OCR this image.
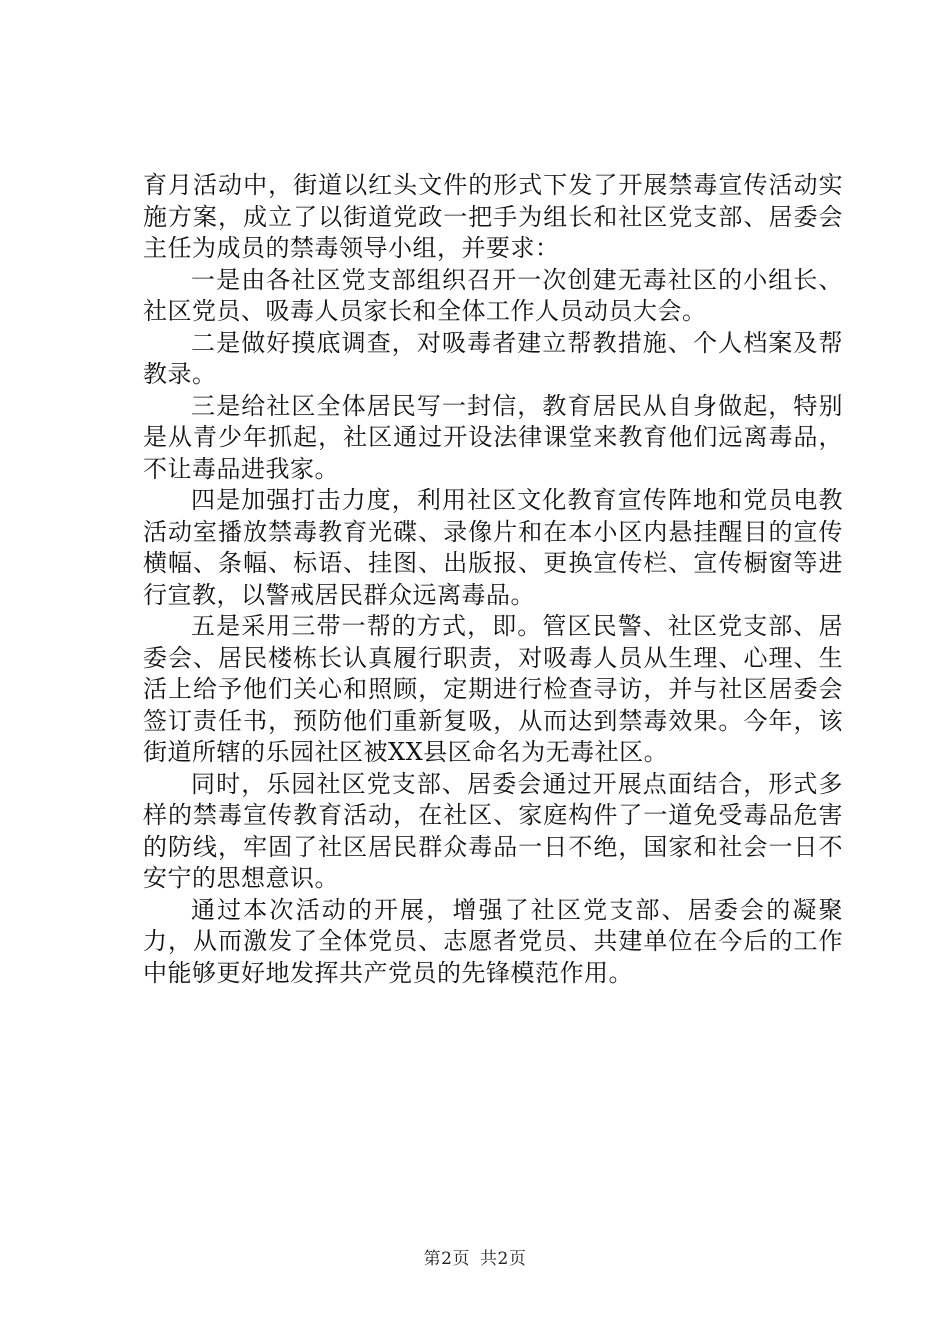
育月活动中，街道以红头文件的形式下发了开展禁毒宣传活动实施方案，成立了以街道党政一把手为组长和社区党支部、居委会主任为成员的禁毒领导小组，并要求：

一是由各社区党支部组织召开一次创建无毒社区的小组长、社区党员、吸毒人员家长和全体工作人员动员大会。

二是做好摸底调查，对吸毒者建立帮教措施、个人档案及帮教录。

三是给社区全体居民写一封信，教育居民从自身做起，特别是从青少年抓起，社区通过开设法律课堂来教育他们远离毒品，不让毒品进我家。

四是加强打击力度，利用社区文化教育宣传阵地和党员电教活动室播放禁毒教育光碟、录像片和在本小区内悬挂醒目的宣传横幅、条幅、标语、挂图、出版报、更换宣传栏、宣传橱窗等进行宣教，以警戒居民群众远离毒品。

五是采用三带一帮的方式，即。管区民警、社区党支部、居委会、居民楼栋长认真履行职责，对吸毒人员从生理、心理、生活上给予他们关心和照顾，定期进行检查寻访，并与社区居委会签订责任书，预防他们重新复吸，从而达到禁毒效果。今年，该街道所辖的乐园社区被XX县区命名为无毒社区。

同时，乐园社区党支部、居委会通过开展点面结合，形式多样的禁毒宣传教育活动，在社区、家庭构件了一道免受毒品危害的防线，牢固了社区居民群众毒品一日不绝，国家和社会一日不安宁的思想意识。

通过本次活动的开展，增强了社区党支部、居委会的凝聚力，从而激发了全体党员、志愿者党员、共建单位在今后的工作中能够更好地发挥共产党员的先锋模范作用。

第2页 共2页
